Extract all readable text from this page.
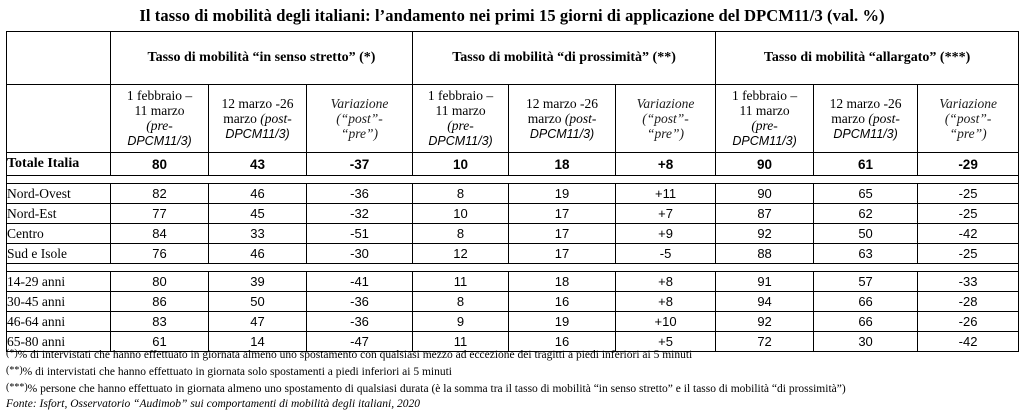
Il tasso di mobilità degli italiani: l’andamento nei primi 15 giorni di applicazione del DPCM11/3 (val. %)
	Tasso di mobilità “in senso stretto” (*)			Tasso di mobilità “di prossimità” (**)			Tasso di mobilità “allargato” (***)		
	1 febbraio –
11 marzo
(pre-
DPCM11/3)	12 marzo -26
marzo (post-
DPCM11/3)	Variazione
(“post”-
“pre”)	1 febbraio –
11 marzo
(pre-
DPCM11/3)	12 marzo -26
marzo (post-
DPCM11/3)	Variazione
(“post”-
“pre”)	1 febbraio –
11 marzo
(pre-
DPCM11/3)	12 marzo -26
marzo (post-
DPCM11/3)	Variazione
(“post”-
“pre”)
Totale Italia	80	43	-37	10	18	+8	90	61	-29

Nord-Ovest	82	46	-36	8	19	+11	90	65	-25
Nord-Est	77	45	-32	10	17	+7	87	62	-25
Centro	84	33	-51	8	17	+9	92	50	-42
Sud e Isole	76	46	-30	12	17	-5	88	63	-25

14-29 anni	80	39	-41	11	18	+8	91	57	-33
30-45 anni	86	50	-36	8	16	+8	94	66	-28
46-64 anni	83	47	-36	9	19	+10	92	66	-26
65-80 anni	61	14	-47	11	16	+5	72	30	-42
(*)% di intervistati che hanno effettuato in giornata almeno uno spostamento con qualsiasi mezzo ad eccezione dei tragitti a piedi inferiori ai 5 minuti
(**)% di intervistati che hanno effettuato in giornata solo spostamenti a piedi inferiori ai 5 minuti
(***)% persone che hanno effettuato in giornata almeno uno spostamento di qualsiasi durata (è la somma tra il tasso di mobilità “in senso stretto” e il tasso di mobilità “di prossimità”)
Fonte: Isfort, Osservatorio “Audimob” sui comportamenti di mobilità degli italiani, 2020
